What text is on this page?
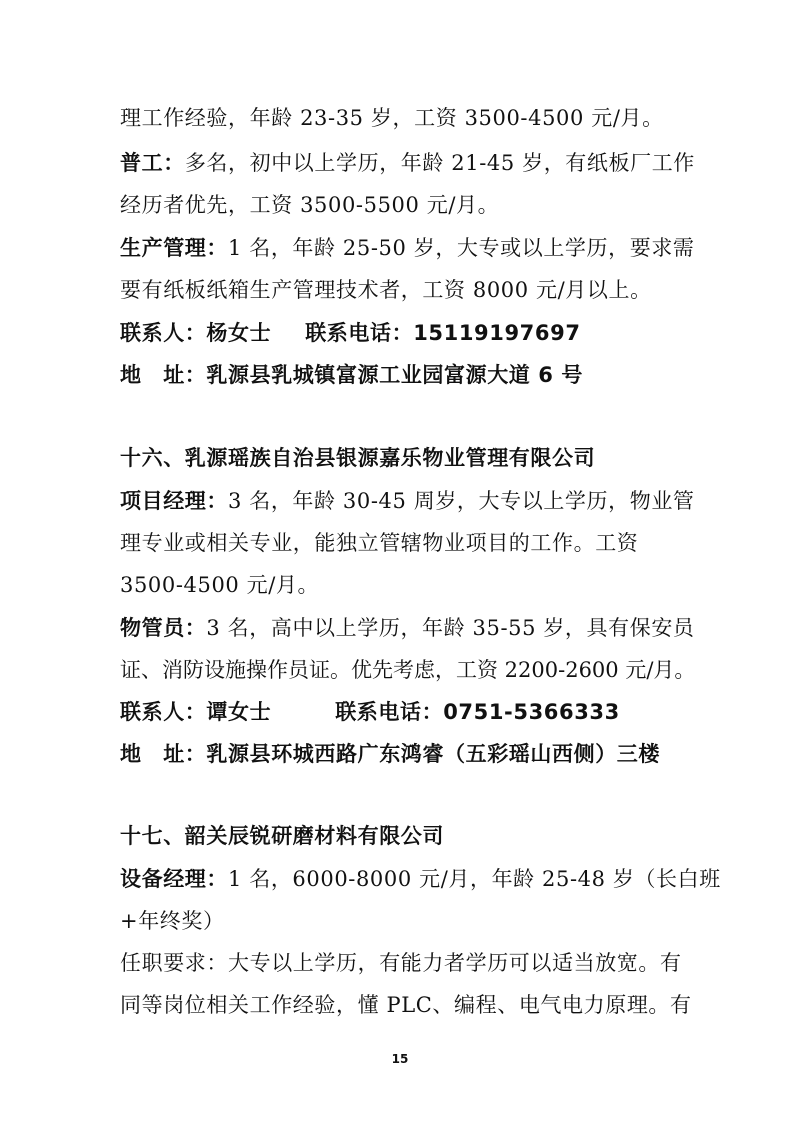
理工作经验，年龄 23-35 岁，工资 3500-4500 元/月。
普工：多名，初中以上学历，年龄 21-45 岁，有纸板厂工作
经历者优先，工资 3500-5500 元/月。
生产管理：1 名，年龄 25-50 岁，大专或以上学历，要求需
要有纸板纸箱生产管理技术者，工资 8000 元/月以上。
联系人：杨女士 联系电话：15119197697
地　址：乳源县乳城镇富源工业园富源大道 6 号
十六、乳源瑶族自治县银源嘉乐物业管理有限公司
项目经理：3 名，年龄 30-45 周岁，大专以上学历，物业管
理专业或相关专业，能独立管辖物业项目的工作。工资
3500-4500 元/月。
物管员：3 名，高中以上学历，年龄 35-55 岁，具有保安员
证、消防设施操作员证。优先考虑，工资 2200-2600 元/月。
联系人：谭女士	联系电话：0751-5366333
地　址：乳源县环城西路广东鸿睿（五彩瑶山西侧）三楼
十七、韶关辰锐研磨材料有限公司
设备经理：1 名，6000-8000 元/月，年龄 25-48 岁（长白班
+年终奖）
任职要求：大专以上学历，有能力者学历可以适当放宽。有
同等岗位相关工作经验，懂 PLC、编程、电气电力原理。有
15
